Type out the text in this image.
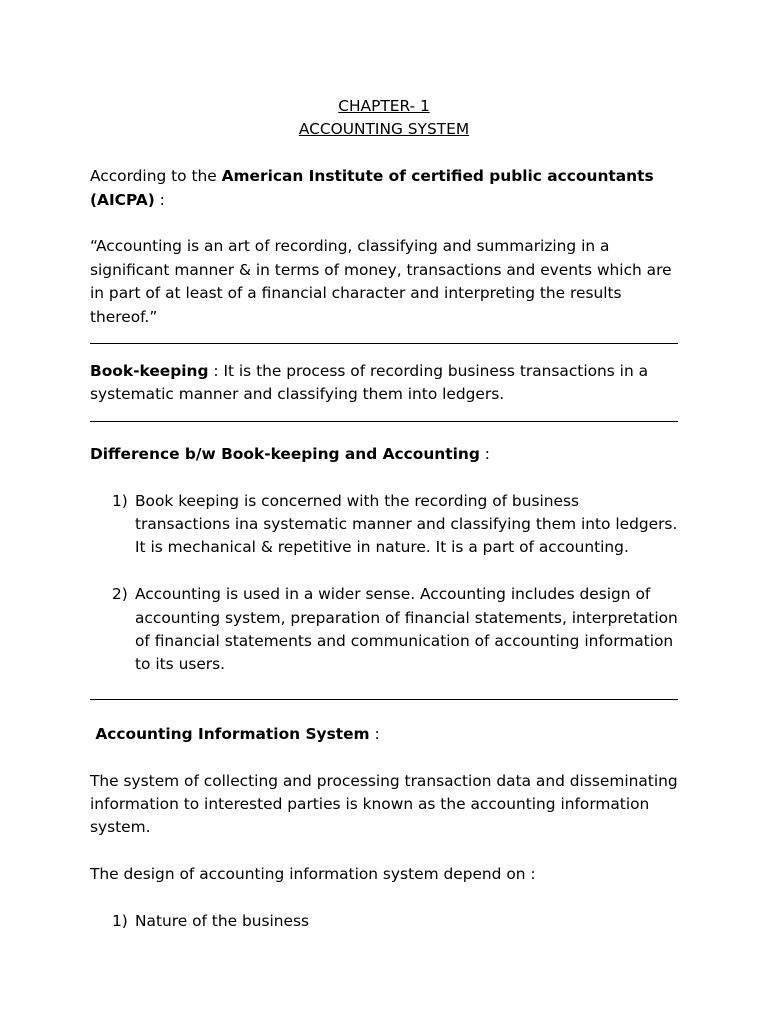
CHAPTER- 1

ACCOUNTING SYSTEM

According to the American Institute of certified public accountants (AICPA) :

“Accounting is an art of recording, classifying and summarizing in a significant manner & in terms of money, transactions and events which are in part of at least of a financial character and interpreting the results thereof.”

Book-keeping : It is the process of recording business transactions in a systematic manner and classifying them into ledgers.

Difference b/w Book-keeping and Accounting :

1) Book keeping is concerned with the recording of business transactions ina systematic manner and classifying them into ledgers. It is mechanical & repetitive in nature. It is a part of accounting.

2) Accounting is used in a wider sense. Accounting includes design of accounting system, preparation of financial statements, interpretation of financial statements and communication of accounting information to its users.

Accounting Information System :

The system of collecting and processing transaction data and disseminating information to interested parties is known as the accounting information system.

The design of accounting information system depend on :

1) Nature of the business
